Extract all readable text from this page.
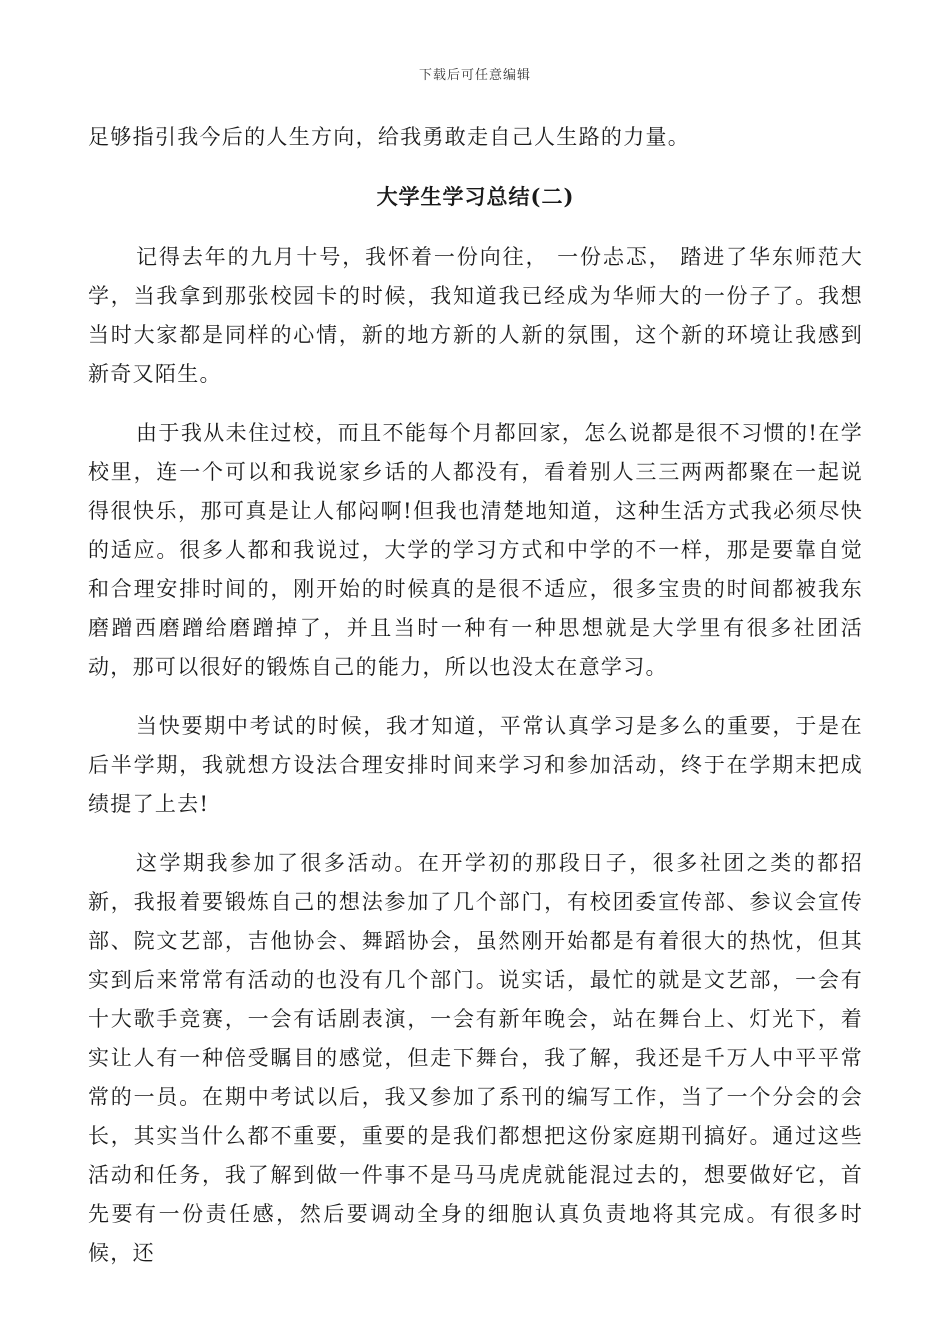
下载后可任意编辑

足够指引我今后的人生方向，给我勇敢走自己人生路的力量。

大学生学习总结(二)

记得去年的九月十号，我怀着一份向往， 一份忐忑， 踏进了华东师范大学，当我拿到那张校园卡的时候，我知道我已经成为华师大的一份子了。我想当时大家都是同样的心情，新的地方新的人新的氛围，这个新的环境让我感到新奇又陌生。

由于我从未住过校，而且不能每个月都回家，怎么说都是很不习惯的!在学校里，连一个可以和我说家乡话的人都没有，看着别人三三两两都聚在一起说得很快乐，那可真是让人郁闷啊!但我也清楚地知道，这种生活方式我必须尽快的适应。很多人都和我说过，大学的学习方式和中学的不一样，那是要靠自觉和合理安排时间的，刚开始的时候真的是很不适应，很多宝贵的时间都被我东磨蹭西磨蹭给磨蹭掉了，并且当时一种有一种思想就是大学里有很多社团活动，那可以很好的锻炼自己的能力，所以也没太在意学习。

当快要期中考试的时候，我才知道，平常认真学习是多么的重要，于是在后半学期，我就想方设法合理安排时间来学习和参加活动，终于在学期末把成绩提了上去!

这学期我参加了很多活动。在开学初的那段日子，很多社团之类的都招新，我报着要锻炼自己的想法参加了几个部门，有校团委宣传部、参议会宣传部、院文艺部，吉他协会、舞蹈协会，虽然刚开始都是有着很大的热忱，但其实到后来常常有活动的也没有几个部门。说实话，最忙的就是文艺部，一会有十大歌手竞赛，一会有话剧表演，一会有新年晚会，站在舞台上、灯光下，着实让人有一种倍受瞩目的感觉，但走下舞台，我了解，我还是千万人中平平常常的一员。在期中考试以后，我又参加了系刊的编写工作，当了一个分会的会长，其实当什么都不重要，重要的是我们都想把这份家庭期刊搞好。通过这些活动和任务，我了解到做一件事不是马马虎虎就能混过去的，想要做好它，首先要有一份责任感，然后要调动全身的细胞认真负责地将其完成。有很多时候，还
